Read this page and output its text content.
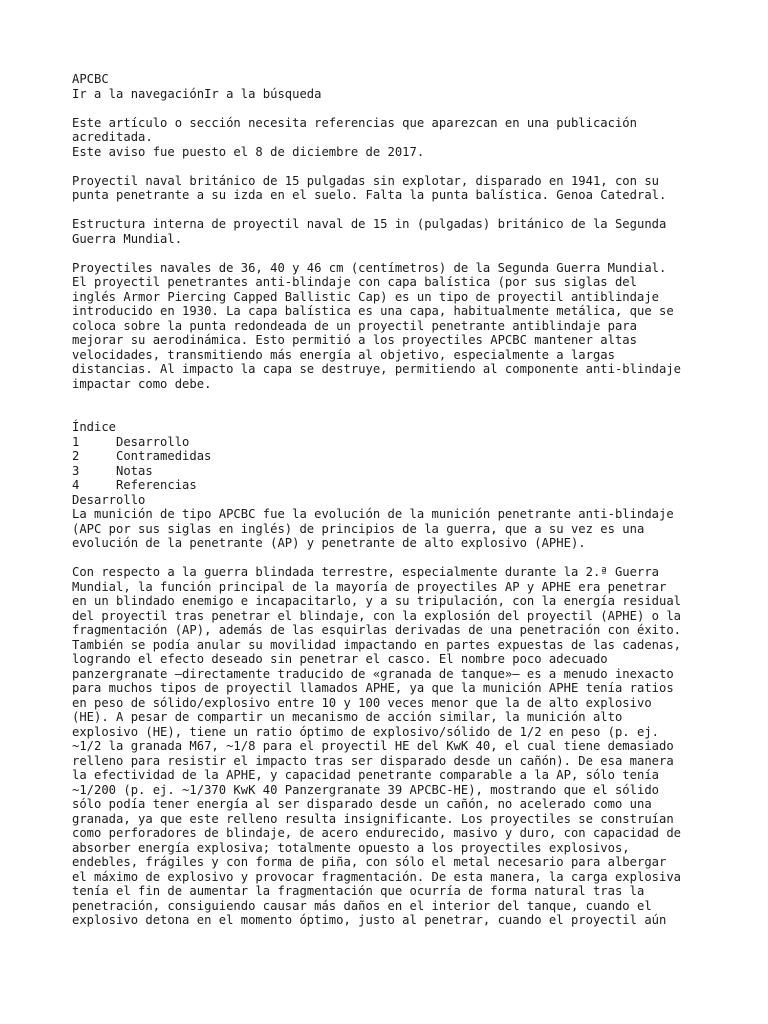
APCBC
Ir a la navegaciónIr a la búsqueda
Este artículo o sección necesita referencias que aparezcan en una publicación
acreditada.
Este aviso fue puesto el 8 de diciembre de 2017.
Proyectil naval británico de 15 pulgadas sin explotar, disparado en 1941, con su
punta penetrante a su izda en el suelo. Falta la punta balística. Genoa Catedral.
Estructura interna de proyectil naval de 15 in (pulgadas) británico de la Segunda
Guerra Mundial.
Proyectiles navales de 36, 40 y 46 cm (centímetros) de la Segunda Guerra Mundial.
El proyectil penetrantes anti-blindaje con capa balística (por sus siglas del
inglés Armor Piercing Capped Ballistic Cap) es un tipo de proyectil antiblindaje
introducido en 1930. La capa balística es una capa, habitualmente metálica, que se
coloca sobre la punta redondeada de un proyectil penetrante antiblindaje para
mejorar su aerodinámica. Esto permitió a los proyectiles APCBC mantener altas
velocidades, transmitiendo más energía al objetivo, especialmente a largas
distancias. Al impacto la capa se destruye, permitiendo al componente anti-blindaje
impactar como debe.
Índice
1	Desarrollo
2	Contramedidas
3	Notas
4	Referencias
Desarrollo
La munición de tipo APCBC fue la evolución de la munición penetrante anti-blindaje
(APC por sus siglas en inglés) de principios de la guerra, que a su vez es una
evolución de la penetrante (AP) y penetrante de alto explosivo (APHE).
Con respecto a la guerra blindada terrestre, especialmente durante la 2.ª Guerra
Mundial, la función principal de la mayoría de proyectiles AP y APHE era penetrar
en un blindado enemigo e incapacitarlo, y a su tripulación, con la energía residual
del proyectil tras penetrar el blindaje, con la explosión del proyectil (APHE) o la
fragmentación (AP), además de las esquirlas derivadas de una penetración con éxito.
También se podía anular su movilidad impactando en partes expuestas de las cadenas,
logrando el efecto deseado sin penetrar el casco. El nombre poco adecuado
panzergranate —directamente traducido de «granada de tanque»— es a menudo inexacto
para muchos tipos de proyectil llamados APHE, ya que la munición APHE tenía ratios
en peso de sólido/explosivo entre 10 y 100 veces menor que la de alto explosivo
(HE). A pesar de compartir un mecanismo de acción similar, la munición alto
explosivo (HE), tiene un ratio óptimo de explosivo/sólido de 1/2 en peso (p. ej.
~1/2 la granada M67, ~1/8 para el proyectil HE del KwK 40, el cual tiene demasiado
relleno para resistir el impacto tras ser disparado desde un cañón). De esa manera
la efectividad de la APHE, y capacidad penetrante comparable a la AP, sólo tenía
~1/200 (p. ej. ~1/370 KwK 40 Panzergranate 39 APCBC-HE), mostrando que el sólido
sólo podía tener energía al ser disparado desde un cañón, no acelerado como una
granada, ya que este relleno resulta insignificante. Los proyectiles se construían
como perforadores de blindaje, de acero endurecido, masivo y duro, con capacidad de
absorber energía explosiva; totalmente opuesto a los proyectiles explosivos,
endebles, frágiles y con forma de piña, con sólo el metal necesario para albergar
el máximo de explosivo y provocar fragmentación. De esta manera, la carga explosiva
tenía el fin de aumentar la fragmentación que ocurría de forma natural tras la
penetración, consiguiendo causar más daños en el interior del tanque, cuando el
explosivo detona en el momento óptimo, justo al penetrar, cuando el proyectil aún
